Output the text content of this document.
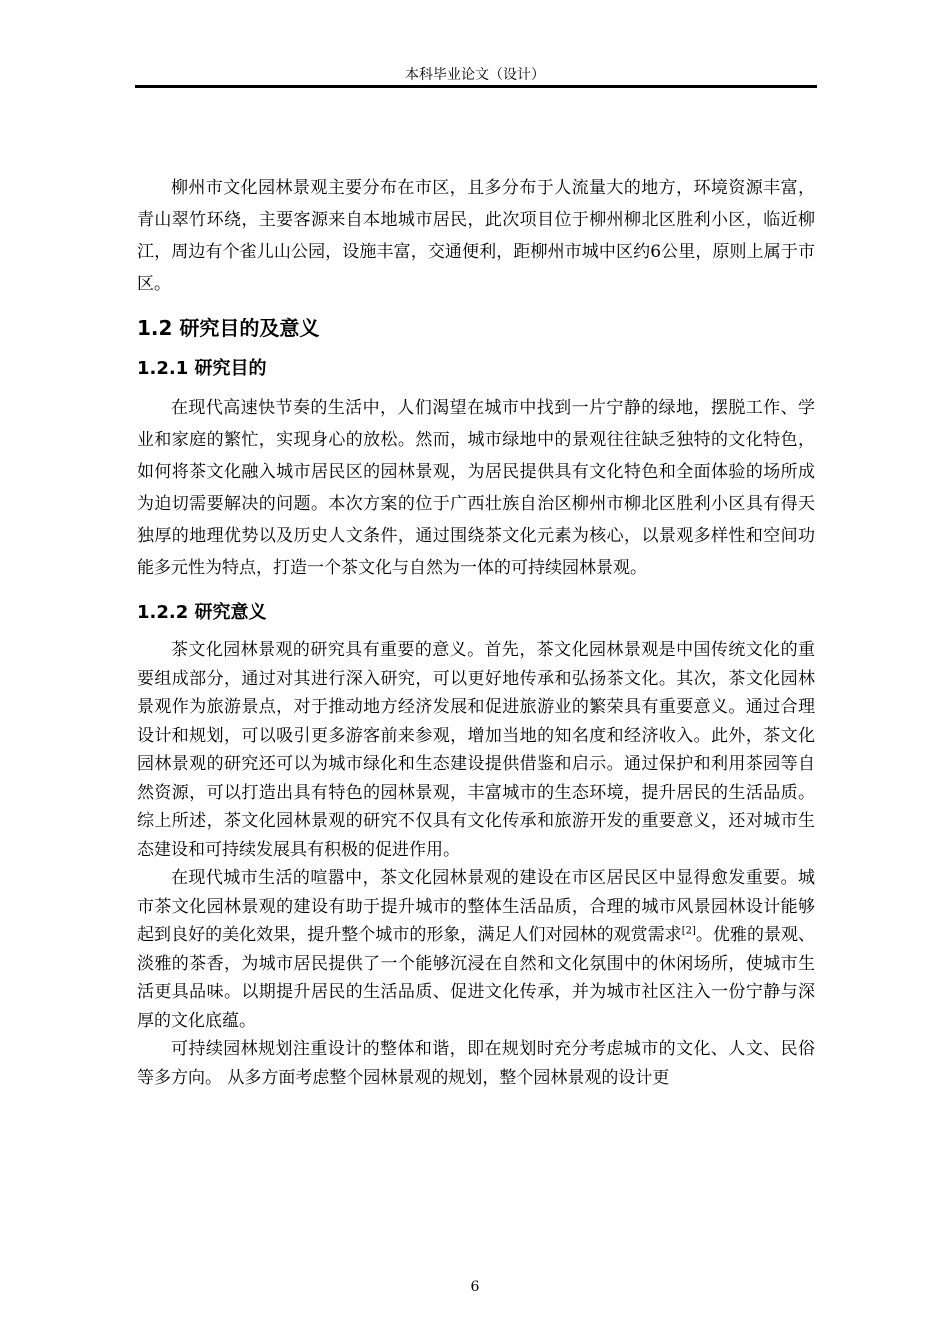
本科毕业论文（设计）

柳州市文化园林景观主要分布在市区，且多分布于人流量大的地方，环境资源丰富，青山翠竹环绕，主要客源来自本地城市居民，此次项目位于柳州柳北区胜利小区，临近柳江，周边有个雀儿山公园，设施丰富，交通便利，距柳州市城中区约6公里，原则上属于市区。

1.2 研究目的及意义
1.2.1 研究目的

在现代高速快节奏的生活中，人们渴望在城市中找到一片宁静的绿地，摆脱工作、学业和家庭的繁忙，实现身心的放松。然而，城市绿地中的景观往往缺乏独特的文化特色，如何将茶文化融入城市居民区的园林景观，为居民提供具有文化特色和全面体验的场所成为迫切需要解决的问题。本次方案的位于广西壮族自治区柳州市柳北区胜利小区具有得天独厚的地理优势以及历史人文条件，通过围绕茶文化元素为核心，以景观多样性和空间功能多元性为特点，打造一个茶文化与自然为一体的可持续园林景观。

1.2.2 研究意义

茶文化园林景观的研究具有重要的意义。首先，茶文化园林景观是中国传统文化的重要组成部分，通过对其进行深入研究，可以更好地传承和弘扬茶文化。其次，茶文化园林景观作为旅游景点，对于推动地方经济发展和促进旅游业的繁荣具有重要意义。通过合理设计和规划，可以吸引更多游客前来参观，增加当地的知名度和经济收入。此外，茶文化园林景观的研究还可以为城市绿化和生态建设提供借鉴和启示。通过保护和利用茶园等自然资源，可以打造出具有特色的园林景观，丰富城市的生态环境，提升居民的生活品质。综上所述，茶文化园林景观的研究不仅具有文化传承和旅游开发的重要意义，还对城市生态建设和可持续发展具有积极的促进作用。

在现代城市生活的喧嚣中，茶文化园林景观的建设在市区居民区中显得愈发重要。城市茶文化园林景观的建设有助于提升城市的整体生活品质，合理的城市风景园林设计能够起到良好的美化效果，提升整个城市的形象，满足人们对园林的观赏需求[2]。优雅的景观、淡雅的茶香，为城市居民提供了一个能够沉浸在自然和文化氛围中的休闲场所，使城市生活更具品味。以期提升居民的生活品质、促进文化传承，并为城市社区注入一份宁静与深厚的文化底蕴。

可持续园林规划注重设计的整体和谐，即在规划时充分考虑城市的文化、人文、民俗等多方向。 从多方面考虑整个园林景观的规划，整个园林景观的设计更

6
